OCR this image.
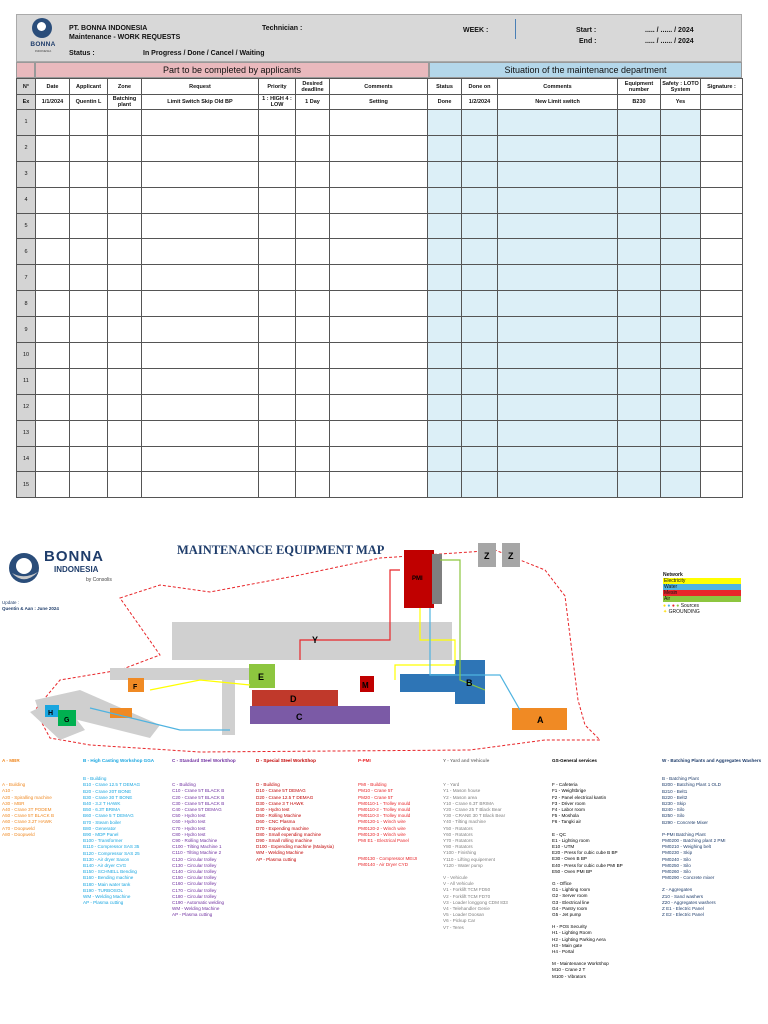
BONNA
INDONESIA
PT. BONNA INDONESIA
Maintenance - WORK REQUESTS
Status :	In Progress / Done / Cancel / Waiting
Technician :	WEEK :	Start :
End :
..... / ...... / 2024
..... / ...... / 2024
Part to be completed by applicants	Situation of the maintenance department
N°	Date	Applicant	Zone	Request	Priority	Desired deadline	Comments	Status	Done on	Comments	Equipment number	Safety : LOTO System	Signature :
Ex	1/1/2024	Quentin L	Batching plant	Limit Switch Skip Old BP	1 : HIGH 4 : LOW	1 Day	Setting	Done	1/2/2024	New Limit switch	B230	Yes	
1													
2													
3													
4													
5													
6													
7													
8													
9													
10													
11													
12													
13													
14													
15													
BONNA
INDONESIA
by Consolis
MAINTENANCE EQUIPMENT MAP
Update :
Quentin & Aan : June 2024
Y
E
D
C
M	B
A
F
H
G
PMI
Z Z
Network
Electricity
Water
Mesin
Air
● ● ● ● Sources
✦ GROUNDING
A - MBR
A - Building
A10 -
A20 - Spiralling machine
A30 - MBR
A40 - Crane 3T PODEM
A50 - Crane 5T BLACK B
A60 - Crane 3.2T HAWK
A70 - Doopweld
A80 - Doopweld
B - High Casting Workshop GGA
B - Building
B10 - Crane 12.5 T DEMAG
B20 - Crane 20T BONE
B30 - Crane 30 T BONE
B40 - 3.2 T HAWK
B50 - 6.3T BRIMA
B60 - Crane 5 T DEMAG
B70 - Steam boiler
B80 - Generator
B90 - MDP Panel
B100 - Transformer
B110 - Compressor SAS 35
B120 - Compressor SAS 25
B130 - Air dryer Saxon
B140 - Air dryer CVG
B150 - SCHNELL Bending
B160 - Bending machine
B180 - Main water tank
B190 - TURBOSOL
WM - Welding Machine
AP - Plasma cutting
C - Standard Steel WorkShop
C - Building
C10 - Crane 5T BLACK B
C20 - Crane 5T BLACK B
C30 - Crane 5T BLACK B
C40 - Crane 5T DEMAG
C50 - Hydro test
C60 - Hydro test
C70 - Hydro test
C80 - Hydro test
C90 - Rolling Machine
C100 - Tilting Machine 1
C110 - Tilting Machine 2
C120 - Circular trolley
C130 - Circular trolley
C140 - Circular trolley
C150 - Circular trolley
C160 - Circular trolley
C170 - Circular trolley
C180 - Circular trolley
C190 - Automatic welding
WM - Welding Machine
AP - Plasma cutting
D - Special Steel WorkShop
D - Building
D10 - Crane 5T DEMAG
D20 - Crane 12.5 T DEMAG
D30 - Crane 3 T HAWK
D40 - Hydro test
D50 - Rolling Machine
D60 - CNC Plasma
D70 - Expending machine
D80 - Small expending machine
D90 - Small rolling machine
D100 - Expending machine (Malaysia)
WM - Welding Machine
AP - Plasma cutting
P-PMI
PMI - Building
PM10 - Crane 5T
PM20 - Crane 5T
PM0110-1 - Trolley mould
PM0110-2 - Trolley mould
PM0110-3 - Trolley mould
PM0120-1 - Winch wire
PM0120-2 - Winch wire
PM0120-3 - Winch wire
PMI E1 - Electrical Panel
PM0130 - Compressor MEIJI
PM0140 - Air Dryer CYD
Y - Yard and Vehicule
Y - Yard
Y1 - Mason house
Y2 - Mason area
Y10 - Crane 6.3T BRIMA
Y20 - Crane 25 T Black Bear
Y30 - CRANE 30 T Black Bear
Y40 - Tilting machine
Y50 - Rotators
Y60 - Rotators
Y70 - Rotators
Y80 - Rotators
Y100 - Finishing
Y110 - Lifting equipement
Y120 - Water pump
V - Vehicule
V - All Vehicule
V1 - Forklift TCM FD50
V2 - Forklift TCM FD70
V3 - Loader longgong CDM 833
V4 - Telehandler Genie
V5 - Loader Doosan
V6 - Pickup Car
V7 - Teres
GS-General services
F - Cafeteria
F1 - Weightbrige
F2 - Panel electrical kantin
F3 - Driver room
F4 - Labor room
F5 - Moshola
F6 - Tangki air
E - QC
E1 - Lighting room
E10 - UTM
E20 - Press for cubic cube B BP
E30 - Oven B BP
E40 - Press for cubic cube PMI BP
E50 - Oven PMI BP
G - Office
G1 - Lighting room
G2 - Server room
G3 - Electrical line
G4 - Pantry room
G5 - Jet pump
H - POS Security
H1 - Lighting Room
H2 - Lighting Parking Aera
H3 - Main gate
H4 - Portal
M - Maintenance WorkShop
M10 - Crane 2 T
M100 - Vibrators
W - Batching Plants and Aggregates Washers
B - Batching Plant
B200 - Batching Plant 1 OLD
B210 - Belt1
B220 - Belt2
B230 - Skip
B240 - Silo
B250 - Silo
B290 - Concrete Mixer
P-PMI Batching Plant
PM0200 - Batching plant 2 PMI
PM0210 - Weighing belt
PM0230 - Skip
PM0240 - Silo
PM0250 - Silo
PM0260 - Silo
PM0290 - Concrete mixer
Z - Aggregates
Z10 - Sand washers
Z20 - Aggregates washers
Z E1 - Electric Panel
Z E2 - Electric Panel
